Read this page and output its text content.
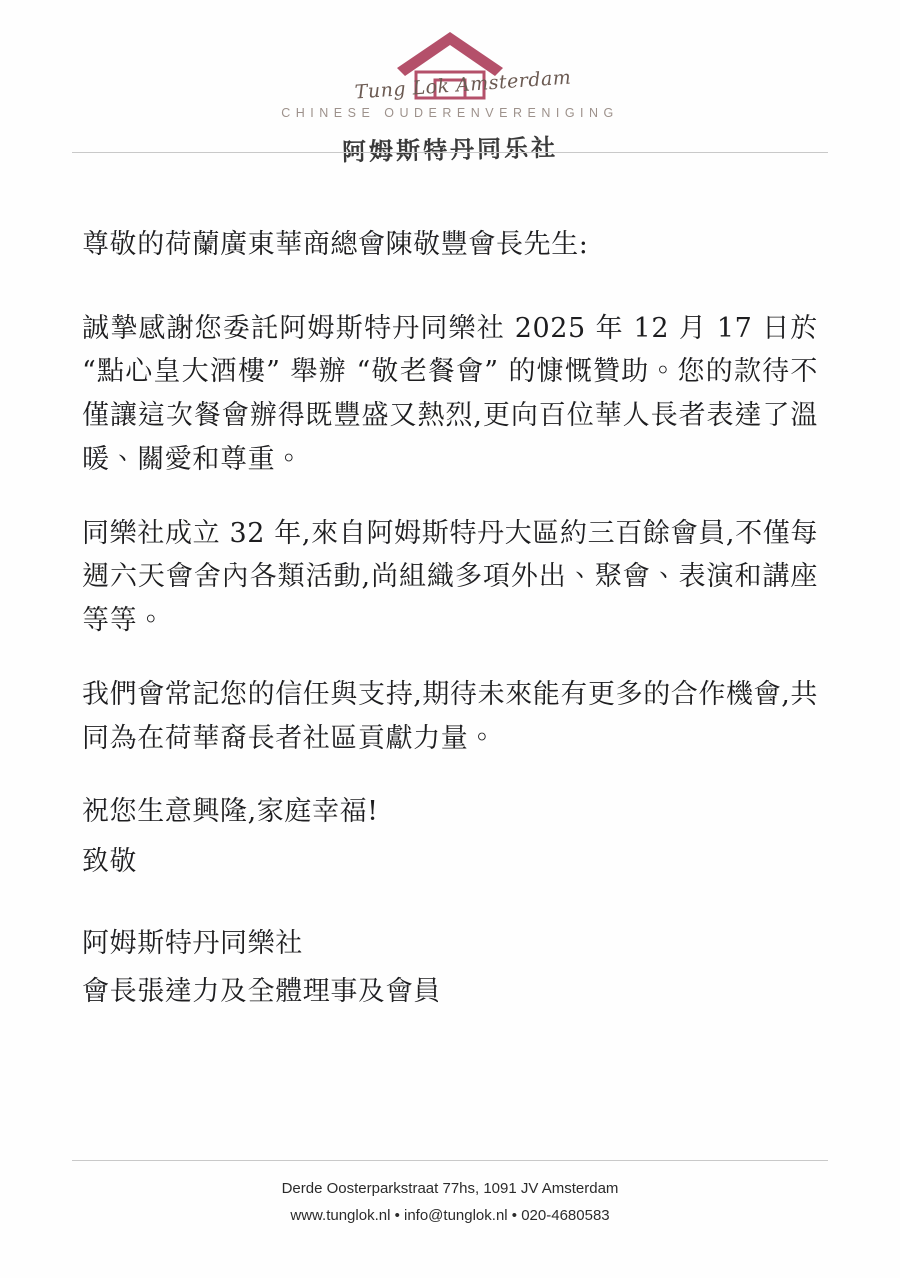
Tung Lok Amsterdam
CHINESE OUDERENVERENIGING
阿姆斯特丹同乐社

尊敬的荷蘭廣東華商總會陳敬豐會長先生:

誠摯感謝您委託阿姆斯特丹同樂社 2025 年 12 月 17 日於 “點心皇大酒樓” 舉辦 “敬老餐會” 的慷慨贊助。您的款待不僅讓這次餐會辦得既豐盛又熱烈,更向百位華人長者表達了溫暖、關愛和尊重。

同樂社成立 32 年,來自阿姆斯特丹大區約三百餘會員,不僅每週六天會舍內各類活動,尚組織多項外出、聚會、表演和講座等等。

我們會常記您的信任與支持,期待未來能有更多的合作機會,共同為在荷華裔長者社區貢獻力量。

祝您生意興隆,家庭幸福!

致敬

阿姆斯特丹同樂社

會長張達力及全體理事及會員

Derde Oosterparkstraat 77hs, 1091 JV Amsterdam
www.tunglok.nl • info@tunglok.nl • 020-4680583
